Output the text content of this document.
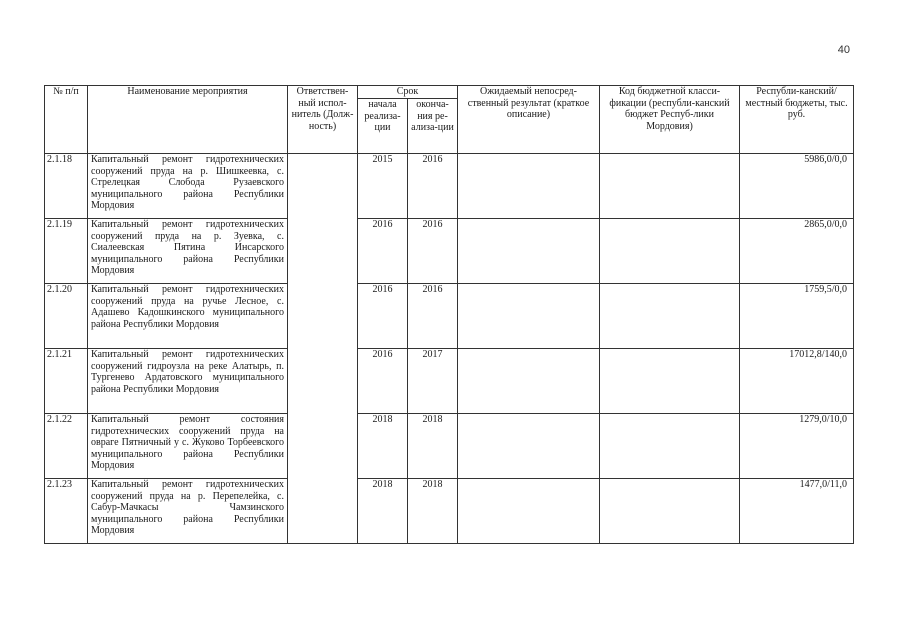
40
№ п/п	Наименование мероприятия	Ответствен-ный испол-нитель (Долж-ность)	Срок		Ожидаемый непосред-ственный результат (краткое описание)	Код бюджетной класси-фикации (республи-канский бюджет Респуб-лики Мордовия)	Республи-канский/местный бюджеты, тыс. руб.
			начала реализа-ции	оконча-ния ре-ализа-ции			
2.1.18	Капитальный ремонт гидротехнических сооружений пруда на р. Шишкеевка, с. Стрелецкая Слобода Рузаевского муниципального района Республики Мордовия		2015	2016			5986,0/0,0
2.1.19	Капитальный ремонт гидротехнических сооружений пруда на р. Зуевка, с. Сиалеевская Пятина Инсарского муниципального района Республики Мордовия		2016	2016			2865,0/0,0
2.1.20	Капитальный ремонт гидротехнических сооружений пруда на ручье Лесное, с. Адашево Кадошкинского муниципального района Республики Мордовия		2016	2016			1759,5/0,0
2.1.21	Капитальный ремонт гидротехнических сооружений гидроузла на реке Алатырь, п. Тургенево Ардатовского муниципального района Республики Мордовия		2016	2017			17012,8/140,0
2.1.22	Капитальный ремонт состояния гидротехнических сооружений пруда на овраге Пятничный у с. Жуково Торбеевского муниципального района Республики Мордовия		2018	2018			1279,0/10,0
2.1.23	Капитальный ремонт гидротехнических сооружений пруда на р. Перепелейка, с. Сабур-Мачкасы Чамзинского муниципального района Республики Мордовия		2018	2018			1477,0/11,0
